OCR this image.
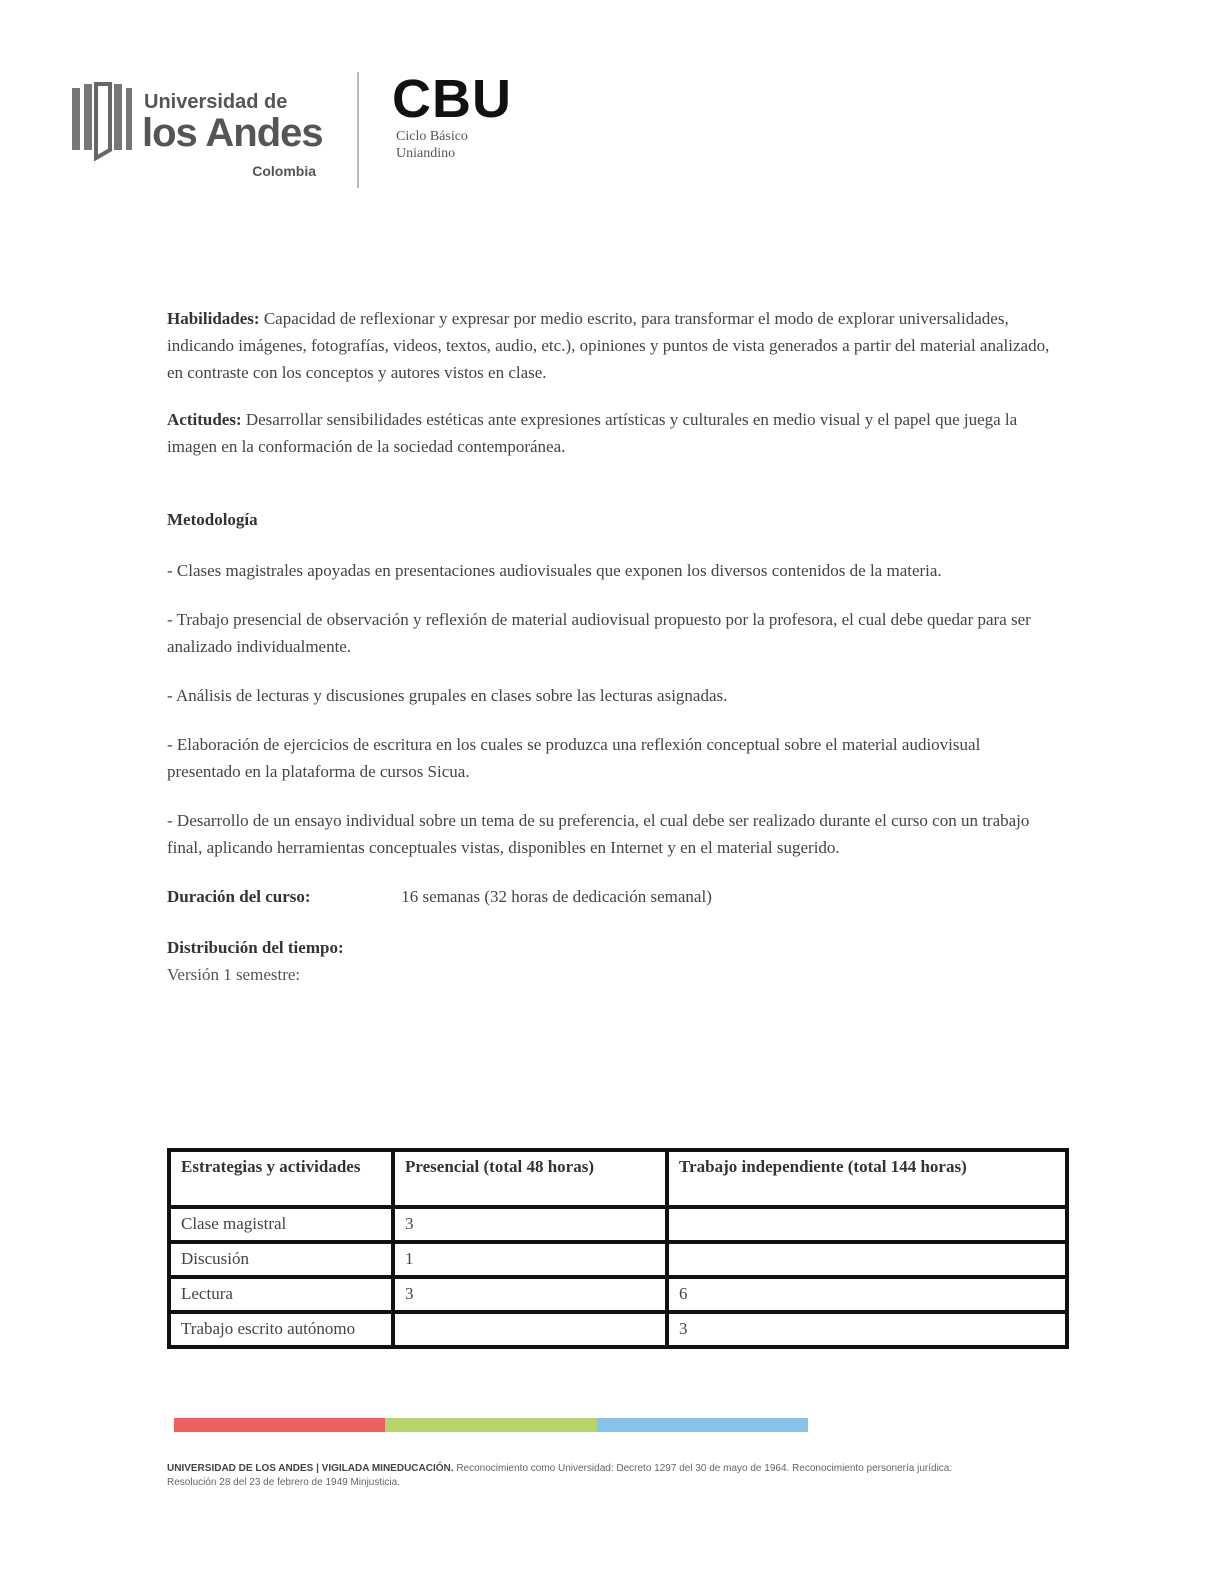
Universidad de
los Andes
Colombia
CBU
Ciclo Básico
Uniandino

Habilidades: Capacidad de reflexionar y expresar por medio escrito, para transformar el modo de explorar universalidades, indicando imágenes, fotografías, videos, textos, audio, etc.), opiniones y puntos de vista generados a partir del material analizado, en contraste con los conceptos y autores vistos en clase.

Actitudes: Desarrollar sensibilidades estéticas ante expresiones artísticas y culturales en medio visual y el papel que juega la imagen en la conformación de la sociedad contemporánea.

Metodología

- Clases magistrales apoyadas en presentaciones audiovisuales que exponen los diversos contenidos de la materia.

- Trabajo presencial de observación y reflexión de material audiovisual propuesto por la profesora, el cual debe quedar para ser analizado individualmente.

- Análisis de lecturas y discusiones grupales en clases sobre las lecturas asignadas.

- Elaboración de ejercicios de escritura en los cuales se produzca una reflexión conceptual sobre el material audiovisual presentado en la plataforma de cursos Sicua.

- Desarrollo de un ensayo individual sobre un tema de su preferencia, el cual debe ser realizado durante el curso con un trabajo final, aplicando herramientas conceptuales vistas, disponibles en Internet y en el material sugerido.

Duración del curso:	16 semanas (32 horas de dedicación semanal)

Distribución del tiempo:

Versión 1 semestre:

Estrategias y actividades	Presencial (total 48 horas)	Trabajo independiente (total 144 horas)
Clase magistral	3	
Discusión	1	
Lectura	3	6
Trabajo escrito autónomo		3
UNIVERSIDAD DE LOS ANDES | VIGILADA MINEDUCACIÓN. Reconocimiento como Universidad: Decreto 1297 del 30 de mayo de 1964. Reconocimiento personería jurídica: Resolución 28 del 23 de febrero de 1949 Minjusticia.
